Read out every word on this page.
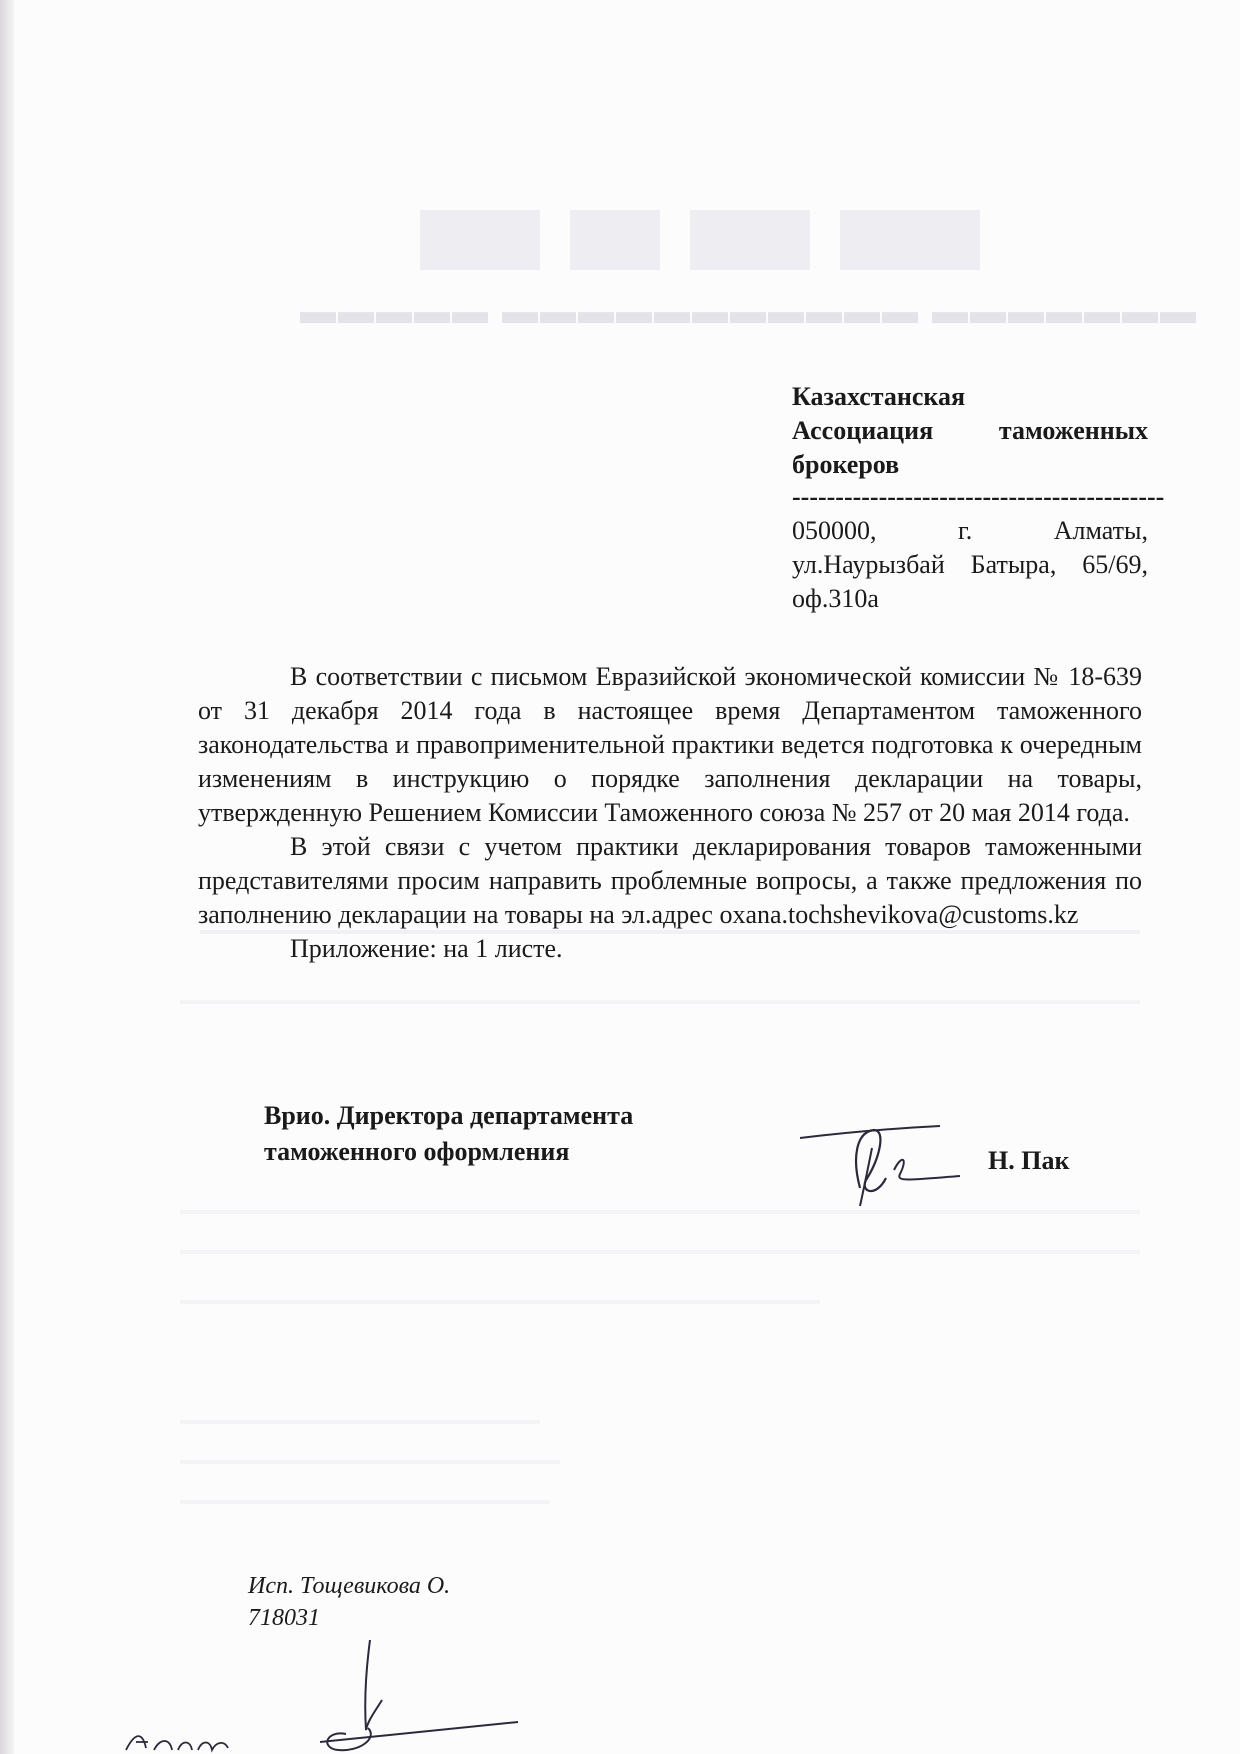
▬▬▬▬▬ ▬▬▬▬▬▬▬▬▬▬▬ ▬▬▬▬▬▬▬
Казахстанская
Ассоциация таможенных
брокеров
-------------------------------------------
050000, г. Алматы,
ул.Наурызбай Батыра, 65/69,
оф.310а

В соответствии с письмом Евразийской экономической комиссии № 18-639 от 31 декабря 2014 года в настоящее время Департаментом таможенного законодательства и правоприменительной практики ведется подготовка к очередным изменениям в инструкцию о порядке заполнения декларации на товары, утвержденную Решением Комиссии Таможенного союза № 257 от 20 мая 2014 года.

В этой связи с учетом практики декларирования товаров таможенными представителями просим направить проблемные вопросы, а также предложения по заполнению декларации на товары на эл.адрес oxana.tochshevikova@customs.kz

Приложение: на 1 листе.

Врио. Директора департамента
таможенного оформления	Н. Пак
Исп. Тощевикова О.
718031
